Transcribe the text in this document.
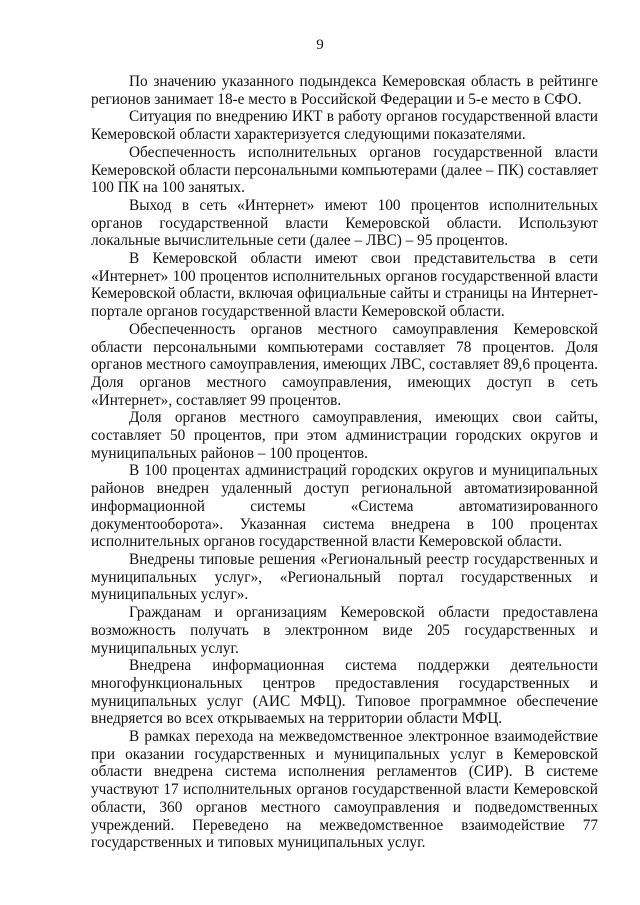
9

По значению указанного подындекса Кемеровская область в рейтинге регионов занимает 18-е место в Российской Федерации и 5-е место в СФО.

Ситуация по внедрению ИКТ в работу органов государственной власти Кемеровской области характеризуется следующими показателями.

Обеспеченность исполнительных органов государственной власти Кемеровской области персональными компьютерами (далее – ПК) составляет 100 ПК на 100 занятых.

Выход в сеть «Интернет» имеют 100 процентов исполнительных органов государственной власти Кемеровской области. Используют локальные вычислительные сети (далее – ЛВС) – 95 процентов.

В Кемеровской области имеют свои представительства в сети «Интернет» 100 процентов исполнительных органов государственной власти Кемеровской области, включая официальные сайты и страницы на Интернет-портале органов государственной власти Кемеровской области.

Обеспеченность органов местного самоуправления Кемеровской области персональными компьютерами составляет 78 процентов. Доля органов местного самоуправления, имеющих ЛВС, составляет 89,6 процента. Доля органов местного самоуправления, имеющих доступ в сеть «Интернет», составляет 99 процентов.

Доля органов местного самоуправления, имеющих свои сайты, составляет 50 процентов, при этом администрации городских округов и муниципальных районов – 100 процентов.

В 100 процентах администраций городских округов и муниципальных районов внедрен удаленный доступ региональной автоматизированной информационной системы «Система автоматизированного документооборота». Указанная система внедрена в 100 процентах исполнительных органов государственной власти Кемеровской области.

Внедрены типовые решения «Региональный реестр государственных и муниципальных услуг», «Региональный портал государственных и муниципальных услуг».

Гражданам и организациям Кемеровской области предоставлена возможность получать в электронном виде 205 государственных и муниципальных услуг.

Внедрена информационная система поддержки деятельности многофункциональных центров предоставления государственных и муниципальных услуг (АИС МФЦ). Типовое программное обеспечение внедряется во всех открываемых на территории области МФЦ.

В рамках перехода на межведомственное электронное взаимодействие при оказании государственных и муниципальных услуг в Кемеровской области внедрена система исполнения регламентов (СИР). В системе участвуют 17 исполнительных органов государственной власти Кемеровской области, 360 органов местного самоуправления и подведомственных учреждений. Переведено на межведомственное взаимодействие 77 государственных и типовых муниципальных услуг.
